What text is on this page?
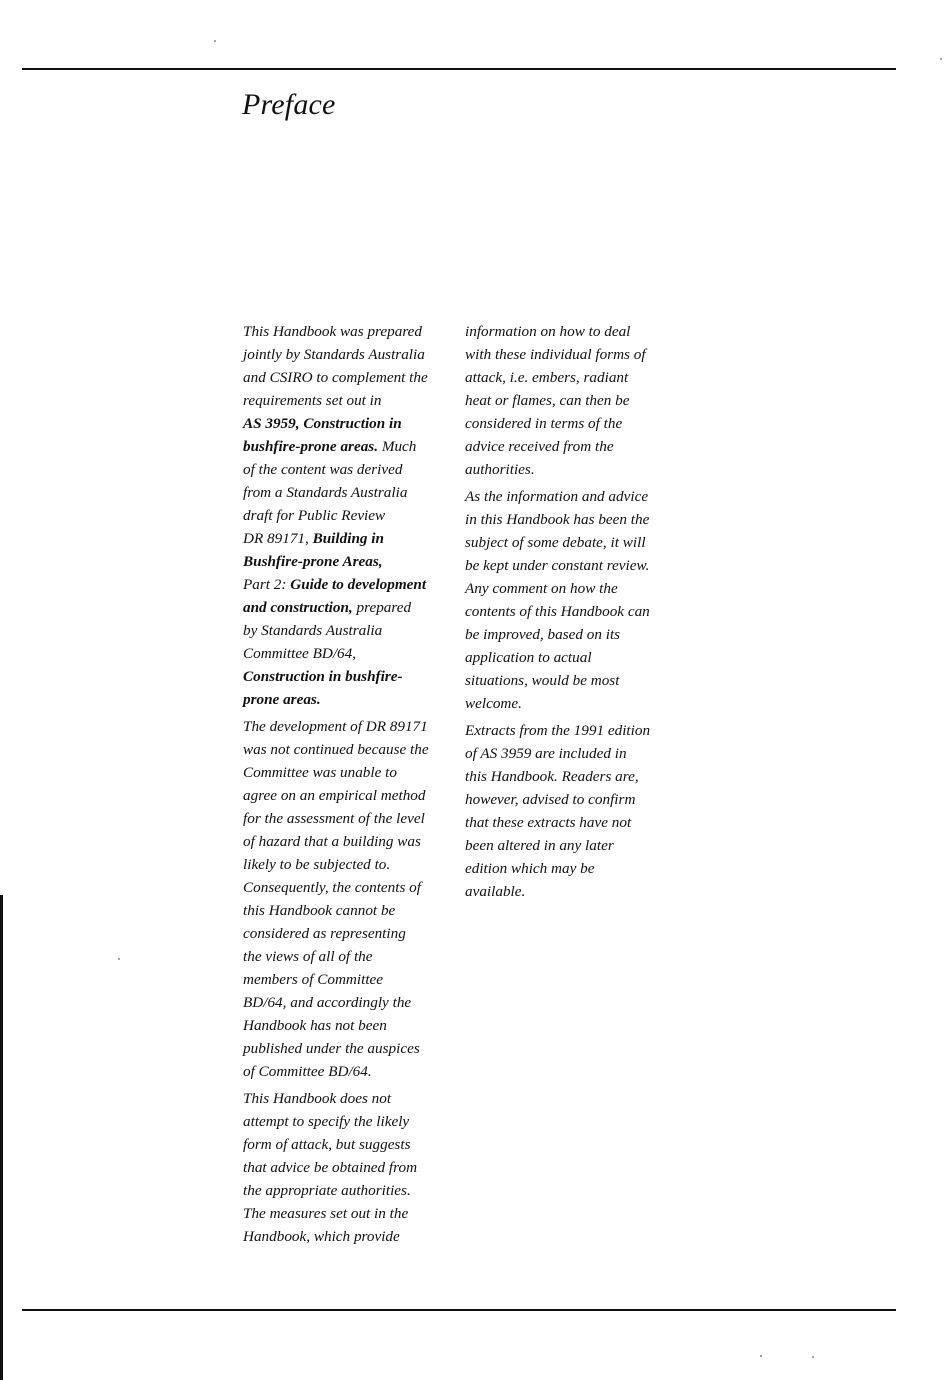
Preface

This Handbook was prepared
jointly by Standards Australia
and CSIRO to complement the
requirements set out in
AS 3959, Construction in
bushfire-prone areas. Much
of the content was derived
from a Standards Australia
draft for Public Review
DR 89171, Building in
Bushfire-prone Areas,
Part 2: Guide to development
and construction, prepared
by Standards Australia
Committee BD/64,
Construction in bushfire-
prone areas.

The development of DR 89171
was not continued because the
Committee was unable to
agree on an empirical method
for the assessment of the level
of hazard that a building was
likely to be subjected to.
Consequently, the contents of
this Handbook cannot be
considered as representing
the views of all of the
members of Committee
BD/64, and accordingly the
Handbook has not been
published under the auspices
of Committee BD/64.

This Handbook does not
attempt to specify the likely
form of attack, but suggests
that advice be obtained from
the appropriate authorities.
The measures set out in the
Handbook, which provide

information on how to deal
with these individual forms of
attack, i.e. embers, radiant
heat or flames, can then be
considered in terms of the
advice received from the
authorities.

As the information and advice
in this Handbook has been the
subject of some debate, it will
be kept under constant review.
Any comment on how the
contents of this Handbook can
be improved, based on its
application to actual
situations, would be most
welcome.

Extracts from the 1991 edition
of AS 3959 are included in
this Handbook. Readers are,
however, advised to confirm
that these extracts have not
been altered in any later
edition which may be
available.
